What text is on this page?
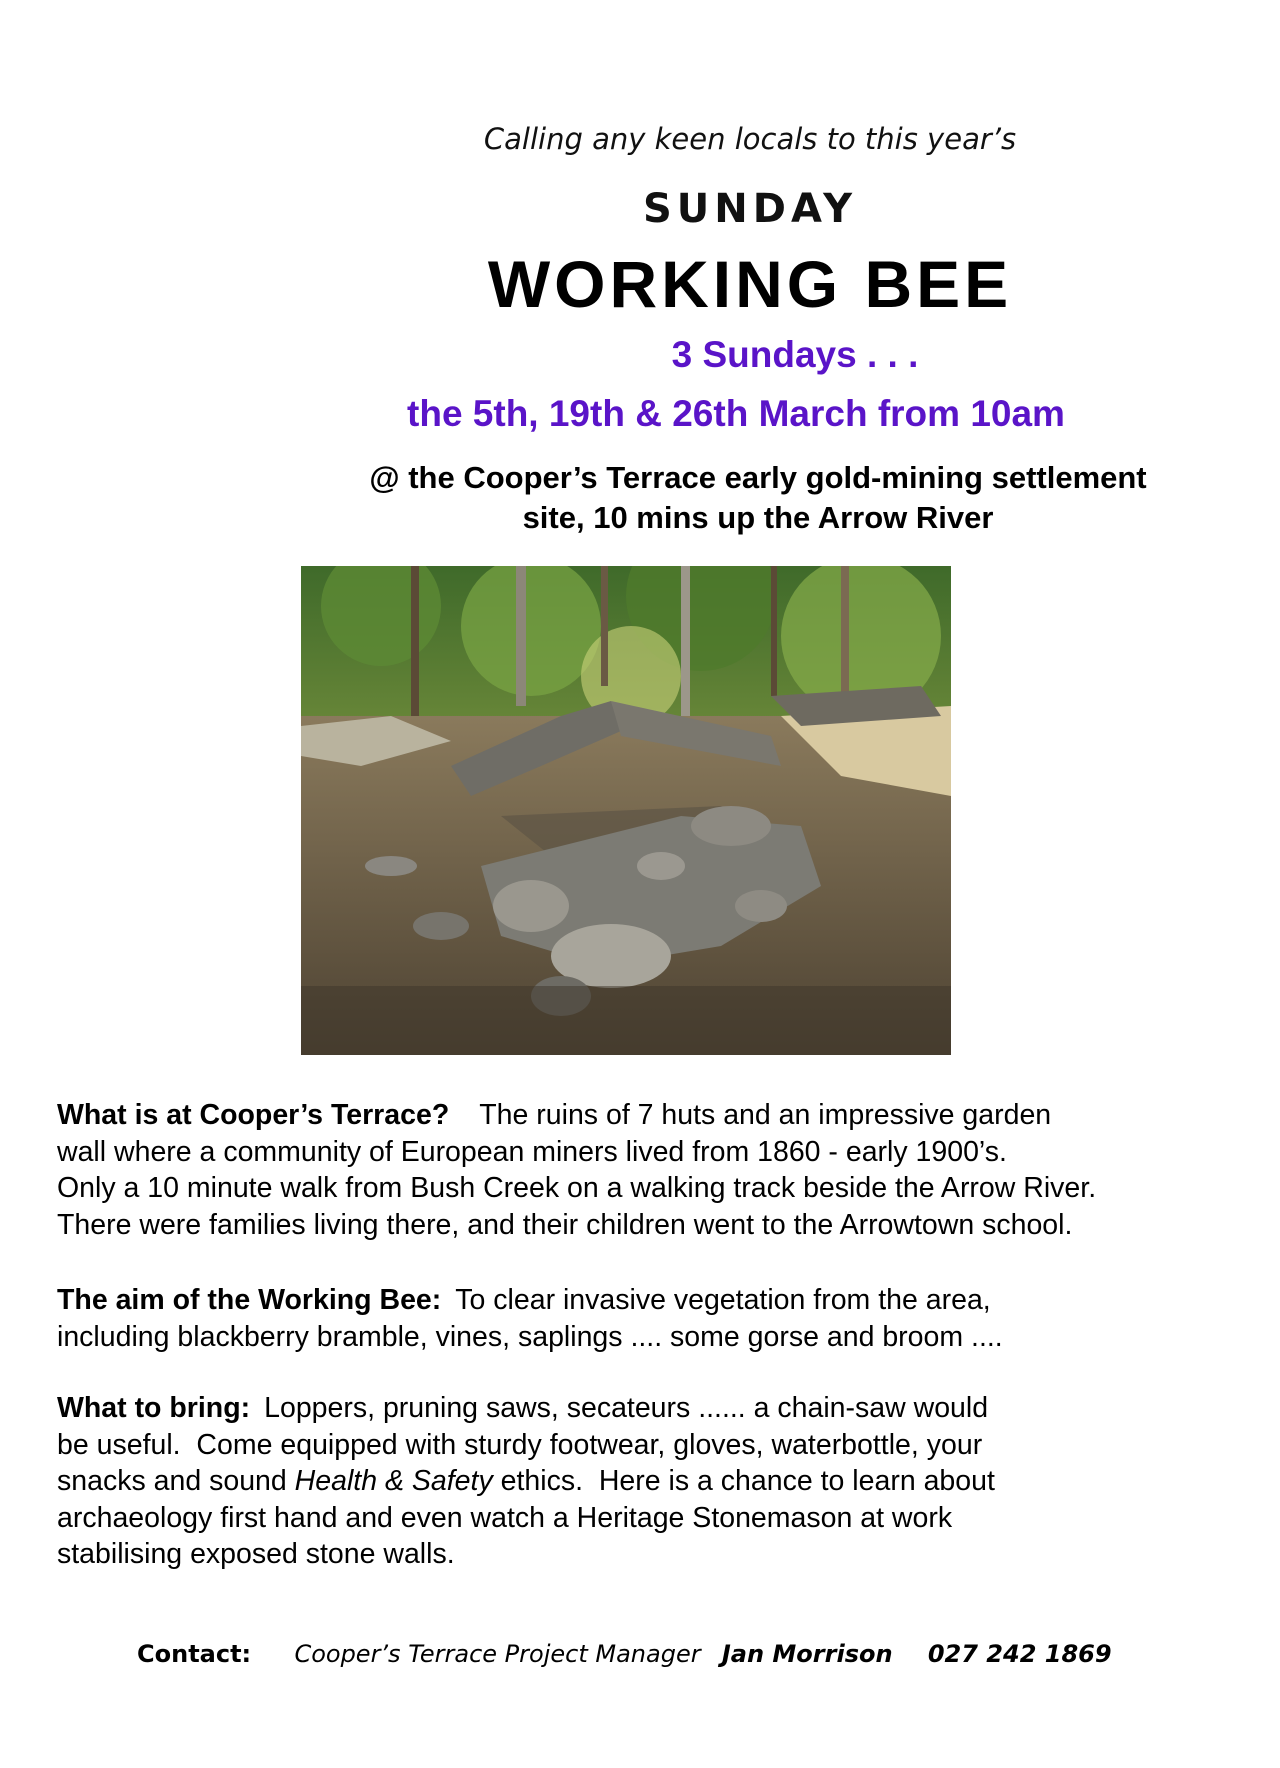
Calling any keen locals to this year’s
SUNDAY
WORKING BEE
3 Sundays . . .
the 5th, 19th & 26th March from 10am
@ the Cooper’s Terrace early gold-mining settlement
site, 10 mins up the Arrow River
What is at Cooper’s Terrace? The ruins of 7 huts and an impressive garden
wall where a community of European miners lived from 1860 - early 1900’s.
Only a 10 minute walk from Bush Creek on a walking track beside the Arrow River.
There were families living there, and their children went to the Arrowtown school.
The aim of the Working Bee: To clear invasive vegetation from the area,
including blackberry bramble, vines, saplings .... some gorse and broom ....
What to bring: Loppers, pruning saws, secateurs ...... a chain-saw would
be useful.  Come equipped with sturdy footwear, gloves, waterbottle, your
snacks and sound Health & Safety ethics.  Here is a chance to learn about
archaeology first hand and even watch a Heritage Stonemason at work
stabilising exposed stone walls.
Contact: Cooper’s Terrace Project Manager Jan Morrison 027 242 1869
